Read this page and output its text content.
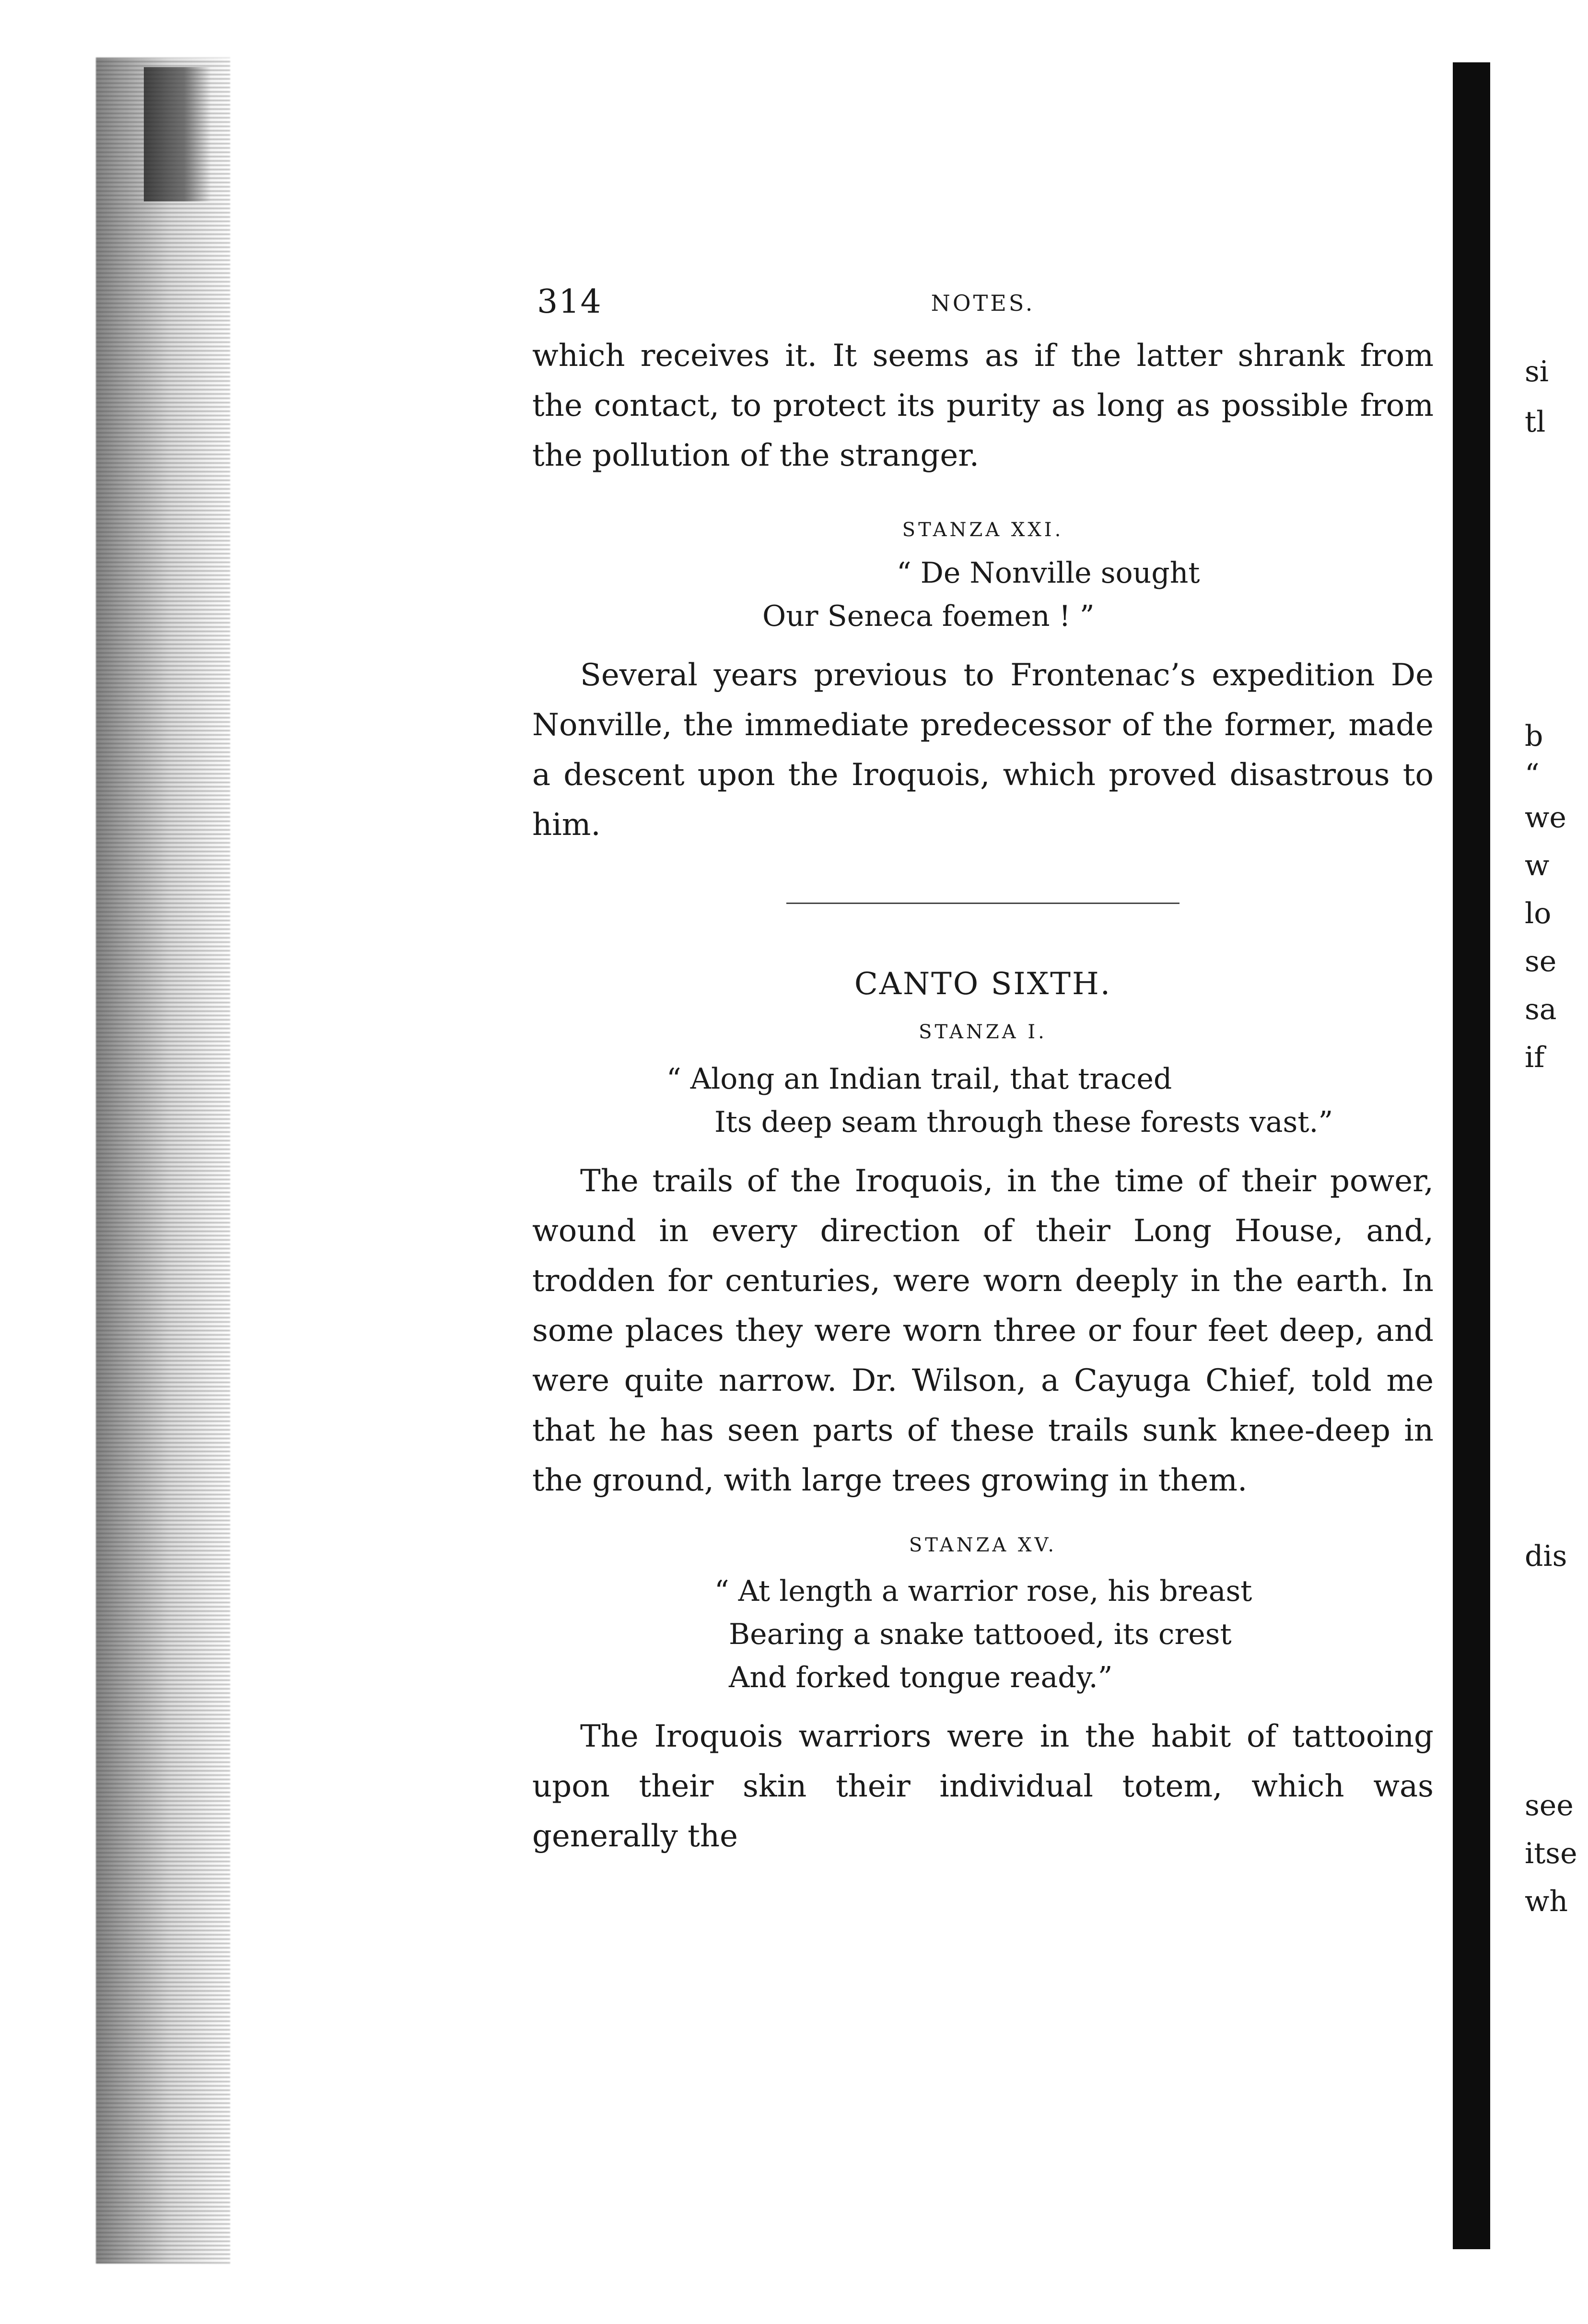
314	NOTES.

which receives it. It seems as if the latter shrank from the contact, to protect its purity as long as possible from the pollution of the stranger.

STANZA XXI.

“ De Nonville sought

Our Seneca foemen ! ”

Several years previous to Frontenac’s expedition De Nonville, the immediate predecessor of the former, made a descent upon the Iroquois, which proved disastrous to him.

CANTO SIXTH.

STANZA I.

“ Along an Indian trail, that traced

Its deep seam through these forests vast.”

The trails of the Iroquois, in the time of their power, wound in every direction of their Long House, and, trodden for centuries, were worn deeply in the earth. In some places they were worn three or four feet deep, and were quite narrow. Dr. Wilson, a Cayuga Chief, told me that he has seen parts of these trails sunk knee-deep in the ground, with large trees growing in them.

STANZA XV.

“ At length a warrior rose, his breast

Bearing a snake tattooed, its crest

And forked tongue ready.”

The Iroquois warriors were in the habit of tattooing upon their skin their individual totem, which was generally the

si
tl
b
“
we
w
lo
se
sa
if
dis
see
itse
wh
